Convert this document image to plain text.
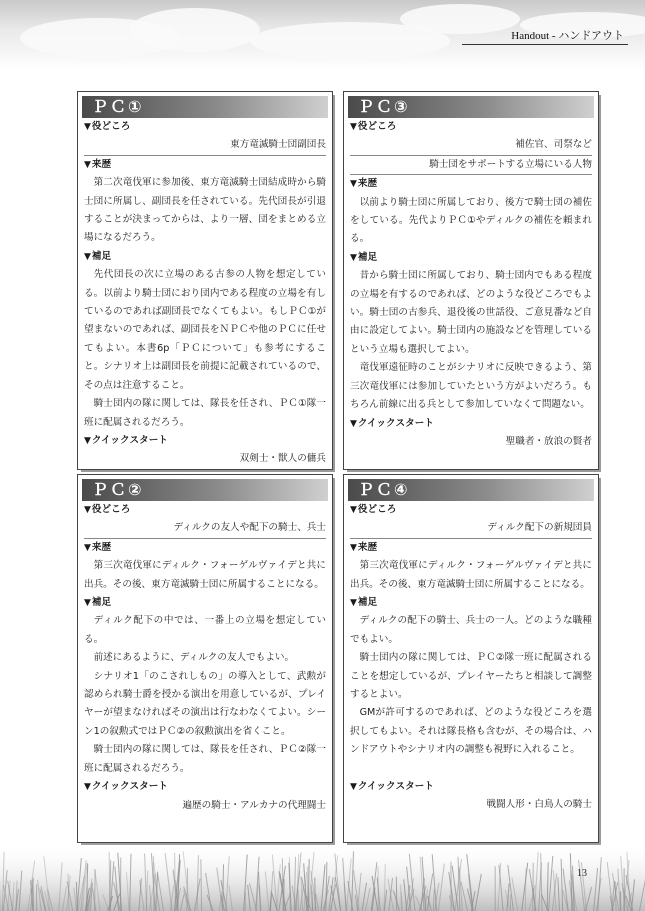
Handout - ハンドアウト
ＰＣ①
▼役どころ
東方竜滅騎士団副団長
▼来歴
第二次竜伐軍に参加後、東方竜滅騎士団結成時から騎士団に所属し、副団長を任されている。先代団長が引退することが決まってからは、より一層、団をまとめる立場になるだろう。
▼補足
先代団長の次に立場のある古参の人物を想定している。以前より騎士団におり団内である程度の立場を有しているのであれば副団長でなくてもよい。もしＰＣ①が望まないのであれば、副団長をＮＰＣや他のＰＣに任せてもよい。本書6p「ＰＣについて」も参考にすること。シナリオ上は副団長を前提に記載されているので、その点は注意すること。
騎士団内の隊に関しては、隊長を任され、ＰＣ①隊一班に配属されるだろう。
▼クイックスタート
双剣士・獣人の傭兵
ＰＣ③
▼役どころ
補佐官、司祭など
騎士団をサポートする立場にいる人物
▼来歴
以前より騎士団に所属しており、後方で騎士団の補佐をしている。先代よりＰＣ①やディルクの補佐を頼まれる。
▼補足
昔から騎士団に所属しており、騎士団内でもある程度の立場を有するのであれば、どのような役どころでもよい。騎士団の古参兵、退役後の世話役、ご意見番など自由に設定してよい。騎士団内の施設などを管理しているという立場も選択してよい。
竜伐軍遠征時のことがシナリオに反映できるよう、第三次竜伐軍には参加していたという方がよいだろう。もちろん前線に出る兵として参加していなくて問題ない。
▼クイックスタート
聖職者・放浪の賢者
ＰＣ②
▼役どころ
ディルクの友人や配下の騎士、兵士
▼来歴
第三次竜伐軍にディルク・フォーゲルヴァイデと共に出兵。その後、東方竜滅騎士団に所属することになる。
▼補足
ディルク配下の中では、一番上の立場を想定している。
前述にあるように、ディルクの友人でもよい。
シナリオ1「のこされしもの」の導入として、武勲が認められ騎士爵を授かる演出を用意しているが、プレイヤーが望まなければその演出は行なわなくてよい。シーン1の叙勲式ではＰＣ②の叙勲演出を省くこと。
騎士団内の隊に関しては、隊長を任され、ＰＣ②隊一班に配属されるだろう。
▼クイックスタート
遍歴の騎士・アルカナの代理闘士
ＰＣ④
▼役どころ
ディルク配下の新規団員
▼来歴
第三次竜伐軍にディルク・フォーゲルヴァイデと共に出兵。その後、東方竜滅騎士団に所属することになる。
▼補足
ディルクの配下の騎士、兵士の一人。どのような職種でもよい。
騎士団内の隊に関しては、ＰＣ②隊一班に配属されることを想定しているが、プレイヤーたちと相談して調整するとよい。
GMが許可するのであれば、どのような役どころを選択してもよい。それは隊長格も含むが、その場合は、ハンドアウトやシナリオ内の調整も視野に入れること。
▼クイックスタート
戦闘人形・白鳥人の騎士
13
